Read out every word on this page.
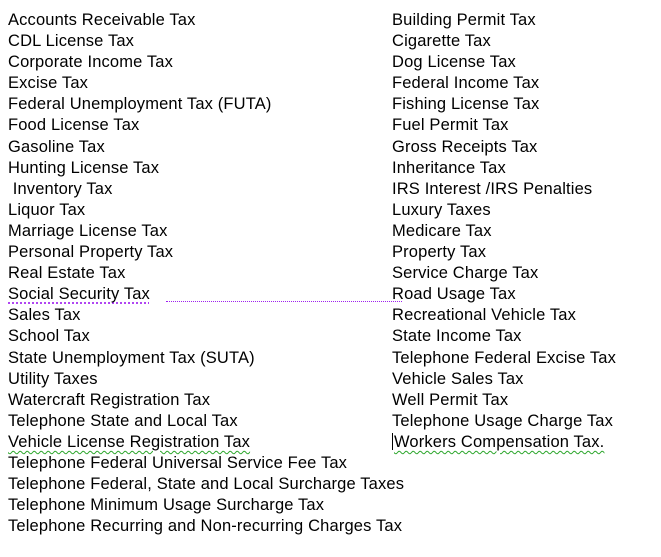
Accounts Receivable Tax
CDL License Tax
Corporate Income Tax
Excise Tax
Federal Unemployment Tax (FUTA)
Food License Tax
Gasoline Tax
Hunting License Tax
Inventory Tax
Liquor Tax
Marriage License Tax
Personal Property Tax
Real Estate Tax
Social Security Tax
Sales Tax
School Tax
State Unemployment Tax (SUTA)
Utility Taxes
Watercraft Registration Tax
Telephone State and Local Tax
Vehicle License Registration Tax
Building Permit Tax
Cigarette Tax
Dog License Tax
Federal Income Tax
Fishing License Tax
Fuel Permit Tax
Gross Receipts Tax
Inheritance Tax
IRS Interest /IRS Penalties
Luxury Taxes
Medicare Tax
Property Tax
Service Charge Tax
Road Usage Tax
Recreational Vehicle Tax
State Income Tax
Telephone Federal Excise Tax
Vehicle Sales Tax
Well Permit Tax
Telephone Usage Charge Tax
Workers Compensation Tax.
Telephone Federal Universal Service Fee Tax
Telephone Federal, State and Local Surcharge Taxes
Telephone Minimum Usage Surcharge Tax
Telephone Recurring and Non-recurring Charges Tax
